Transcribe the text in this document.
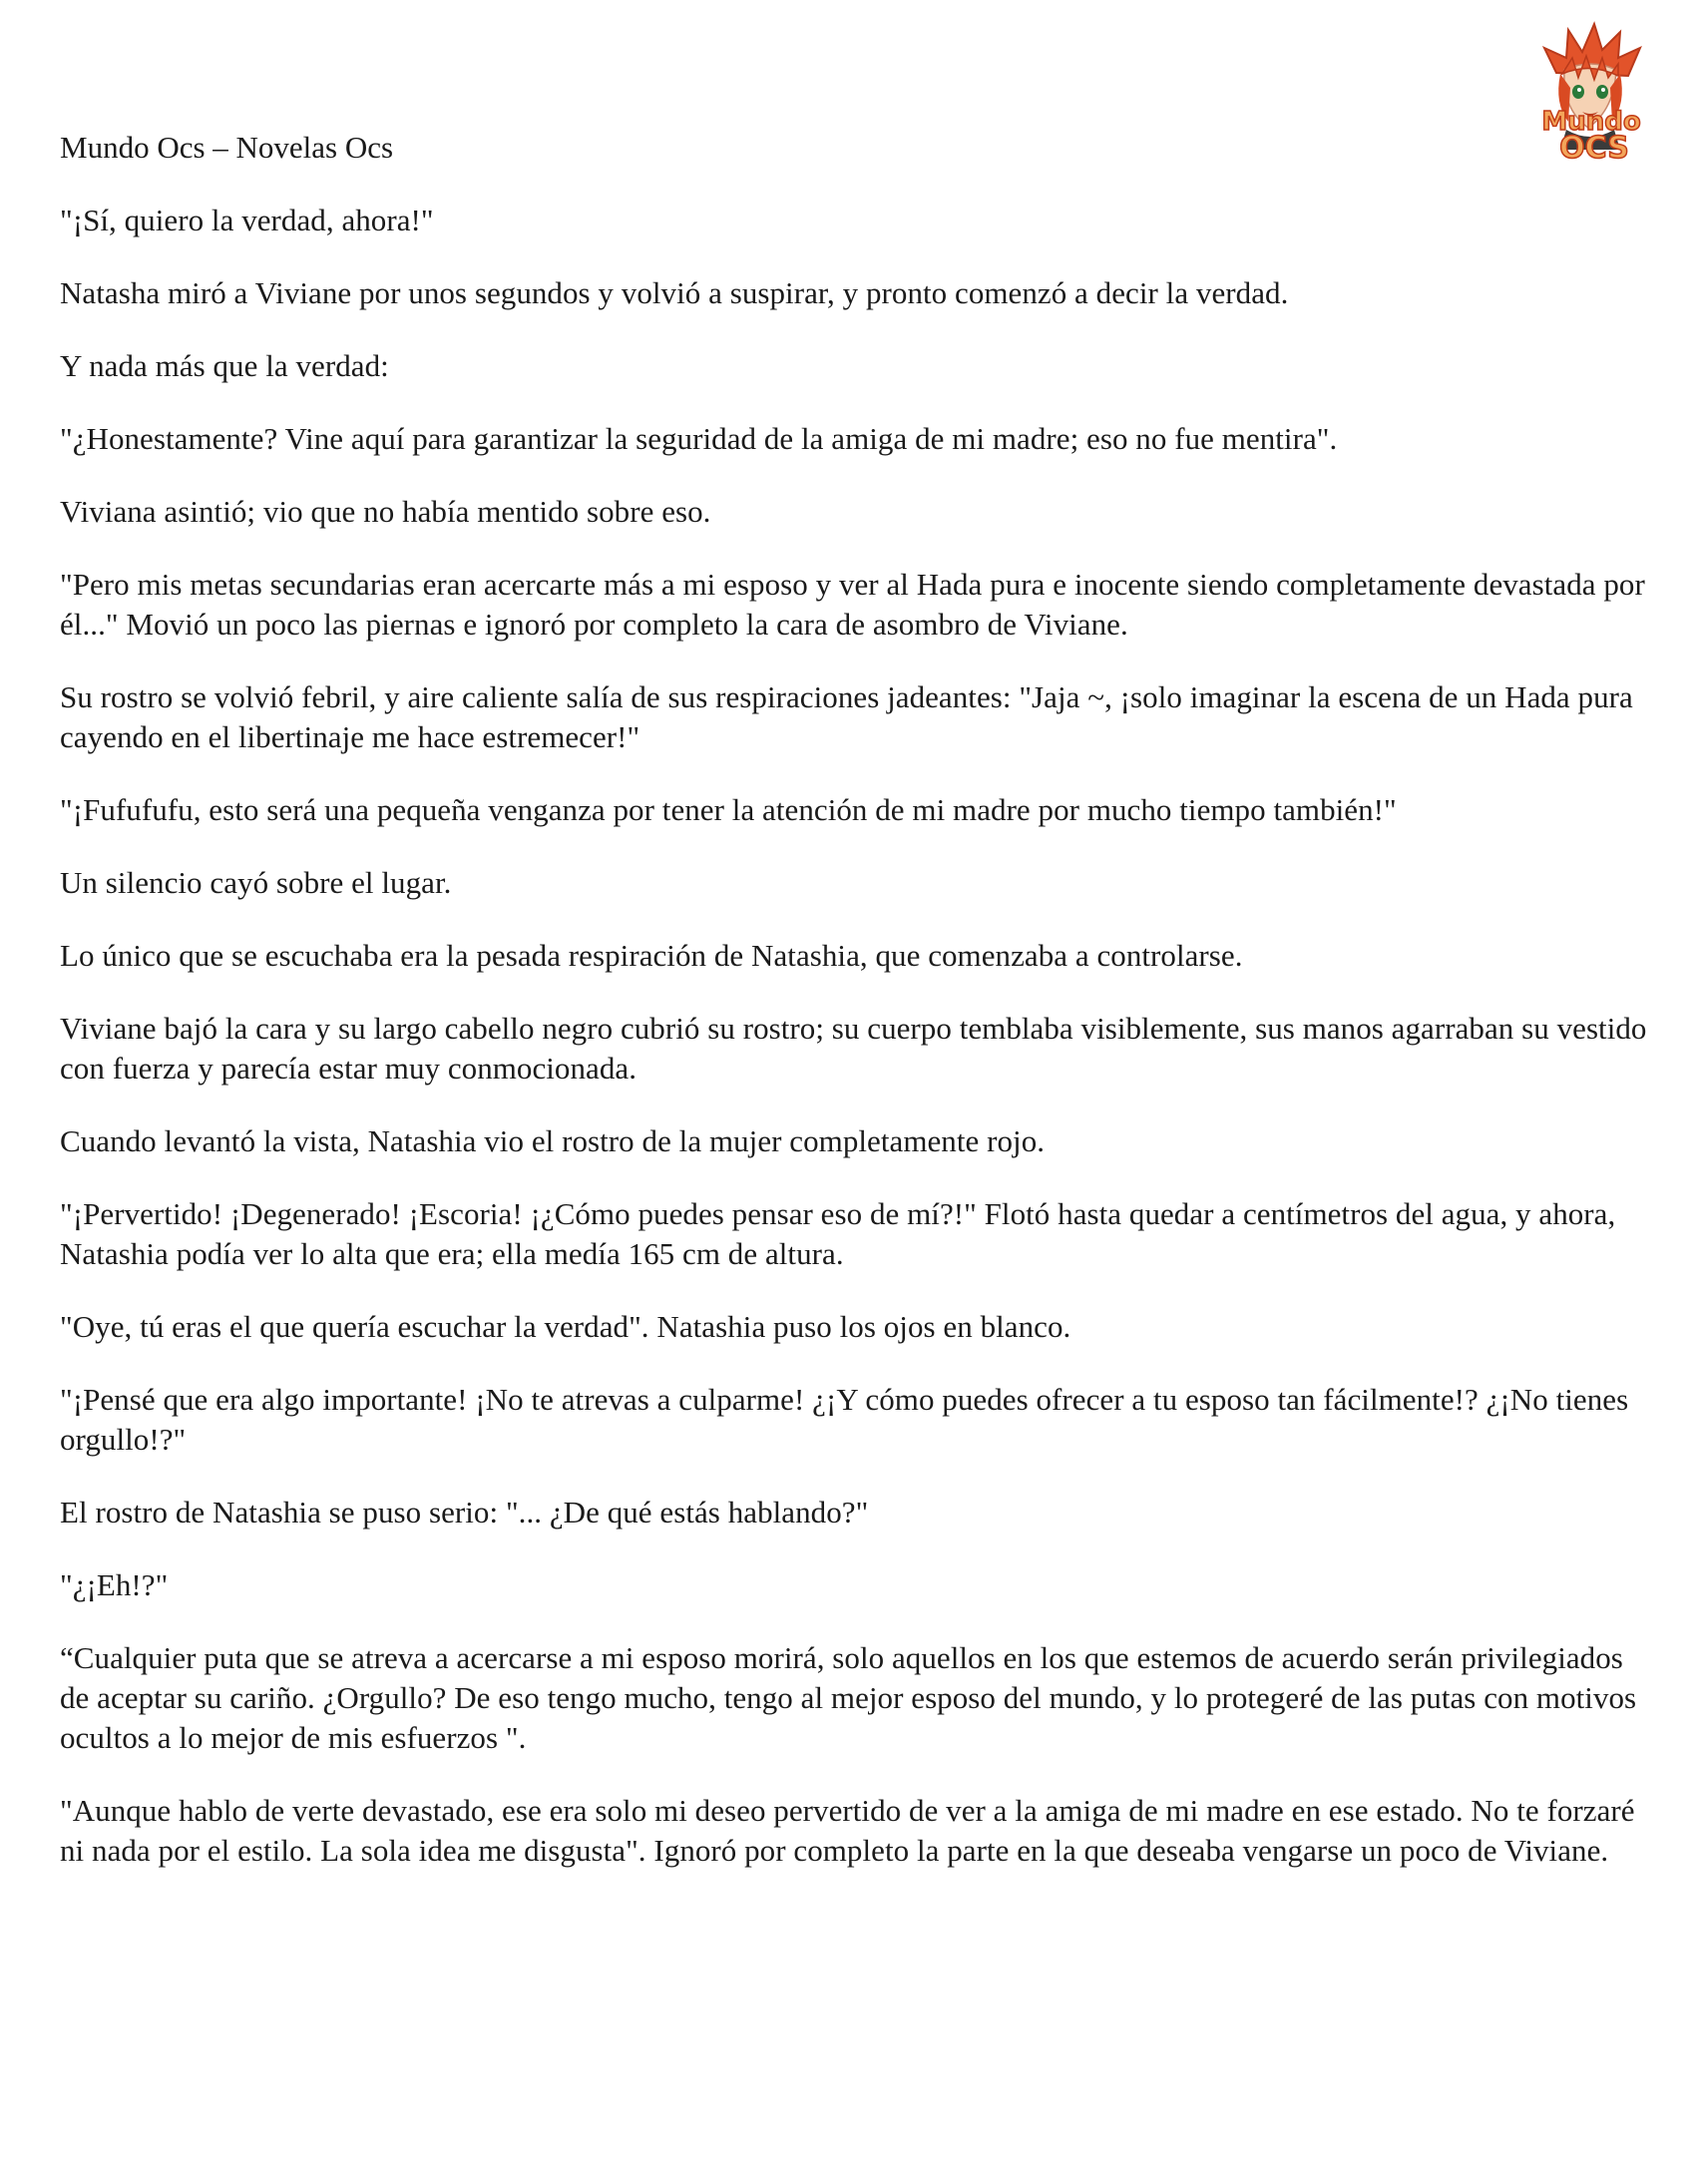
Mundo
OCS

Mundo Ocs – Novelas Ocs

"¡Sí, quiero la verdad, ahora!"

Natasha miró a Viviane por unos segundos y volvió a suspirar, y pronto comenzó a decir la verdad.

Y nada más que la verdad:

"¿Honestamente? Vine aquí para garantizar la seguridad de la amiga de mi madre; eso no fue mentira".

Viviana asintió; vio que no había mentido sobre eso.

"Pero mis metas secundarias eran acercarte más a mi esposo y ver al Hada pura e inocente siendo completamente devastada por él..." Movió un poco las piernas e ignoró por completo la cara de asombro de Viviane.

Su rostro se volvió febril, y aire caliente salía de sus respiraciones jadeantes: "Jaja ~, ¡solo imaginar la escena de un Hada pura cayendo en el libertinaje me hace estremecer!"

"¡Fufufufu, esto será una pequeña venganza por tener la atención de mi madre por mucho tiempo también!"

Un silencio cayó sobre el lugar.

Lo único que se escuchaba era la pesada respiración de Natashia, que comenzaba a controlarse.

Viviane bajó la cara y su largo cabello negro cubrió su rostro; su cuerpo temblaba visiblemente, sus manos agarraban su vestido con fuerza y parecía estar muy conmocionada.

Cuando levantó la vista, Natashia vio el rostro de la mujer completamente rojo.

"¡Pervertido! ¡Degenerado! ¡Escoria! ¡¿Cómo puedes pensar eso de mí?!" Flotó hasta quedar a centímetros del agua, y ahora, Natashia podía ver lo alta que era; ella medía 165 cm de altura.

"Oye, tú eras el que quería escuchar la verdad". Natashia puso los ojos en blanco.

"¡Pensé que era algo importante! ¡No te atrevas a culparme! ¿¡Y cómo puedes ofrecer a tu esposo tan fácilmente!? ¿¡No tienes orgullo!?"

El rostro de Natashia se puso serio: "... ¿De qué estás hablando?"

"¿¡Eh!?"

“Cualquier puta que se atreva a acercarse a mi esposo morirá, solo aquellos en los que estemos de acuerdo serán privilegiados de aceptar su cariño. ¿Orgullo? De eso tengo mucho, tengo al mejor esposo del mundo, y lo protegeré de las putas con motivos ocultos a lo mejor de mis esfuerzos ".

"Aunque hablo de verte devastado, ese era solo mi deseo pervertido de ver a la amiga de mi madre en ese estado. No te forzaré ni nada por el estilo. La sola idea me disgusta". Ignoró por completo la parte en la que deseaba vengarse un poco de Viviane.
